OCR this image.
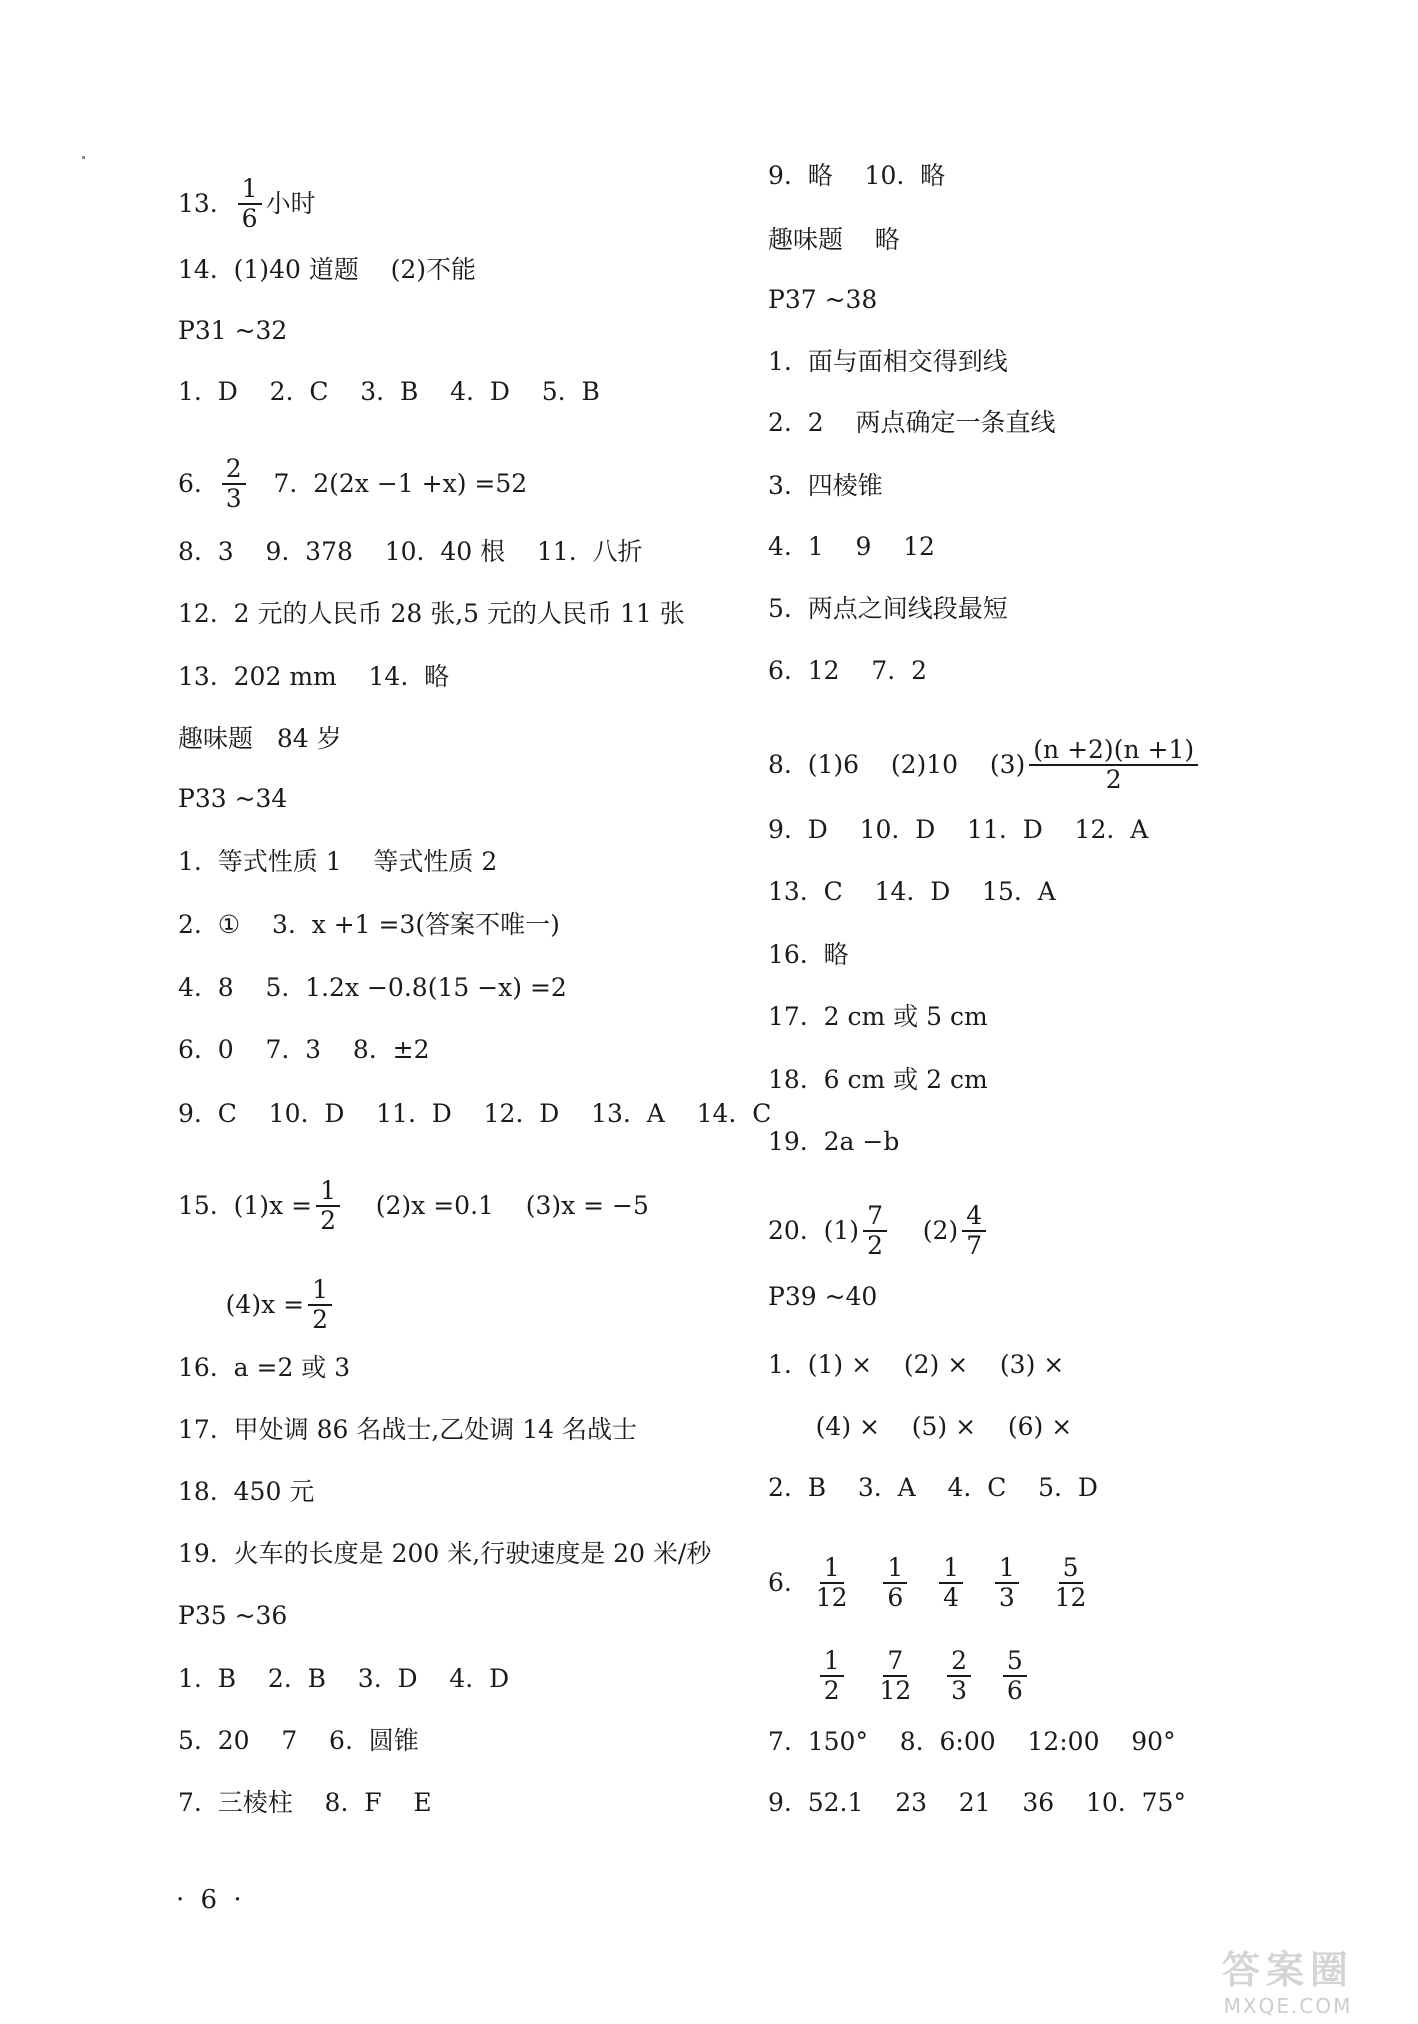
13. $\frac{1}{6}$ 小时
14.  (1)40 道题    (2)不能
P31 ~32
1.  D    2.  C    3.  B    4.  D    5.  B
6. $\frac{2}{3} 7$.  2(2x −1 +x) =52
8.  3    9.  378    10.  40 根    11.  八折
12.  2 元的人民币 28 张,5 元的人民币 11 张
13.  202 mm    14.  略
趣味题   84 岁
P33 ~34
1.  等式性质 1    等式性质 2
2.  ①    3.  x +1 =3(答案不唯一)
4.  8    5.  1.2x −0.8(15 −x) =2
6.  0    7.  3    8.  ±2
9.  C    10.  D    11.  D    12.  D    13.  A    14.  C
15.  $(1)x = \frac{1}{2} (2)x =0.1$    (3)x = −5
$(4)x = \frac{1}{2}$
16.  a =2 或 3
17.  甲处调 86 名战士,乙处调 14 名战士
18.  450 元
19.  火车的长度是 200 米,行驶速度是 20 米/秒
P35 ~36
1.  B    2.  B    3.  D    4.  D
5.  20    7    6.  圆锥
7.  三棱柱    8.  F    E
9.  略    10.  略
趣味题    略
P37 ~38
1.  面与面相交得到线
2.  2    两点确定一条直线
3.  四棱锥
4.  1    9    12
5.  两点之间线段最短
6.  12    7.  2
8.  (1)6    (2)10    $(3) \frac{(n +2)(n +1)}{2}$
9.  D    10.  D    11.  D    12.  A
13.  C    14.  D    15.  A
16.  略
17.  2 cm 或 5 cm
18.  6 cm 或 2 cm
19.  2a −b
20.  $(1) \frac{7}{2} (2) \frac{4}{7}$
P39 ~40
1.  (1) ×    (2) ×    (3) ×
(4) ×    (5) ×    (6) ×
2.  B    3.  A    4.  C    5.  D
6. $\frac{1}{12}$
$\frac{1}{6}$
$\frac{1}{4}$
$\frac{1}{3}$
$\frac{5}{12}$

$\frac{1}{2}$
$\frac{7}{12}$
$\frac{2}{3}$
$\frac{5}{6}$
7.  150°    8.  6:00    12:00    90°
9.  52.1    23    21    36    10.  75°
· 6 ·
答案圈
MXQE.COM
